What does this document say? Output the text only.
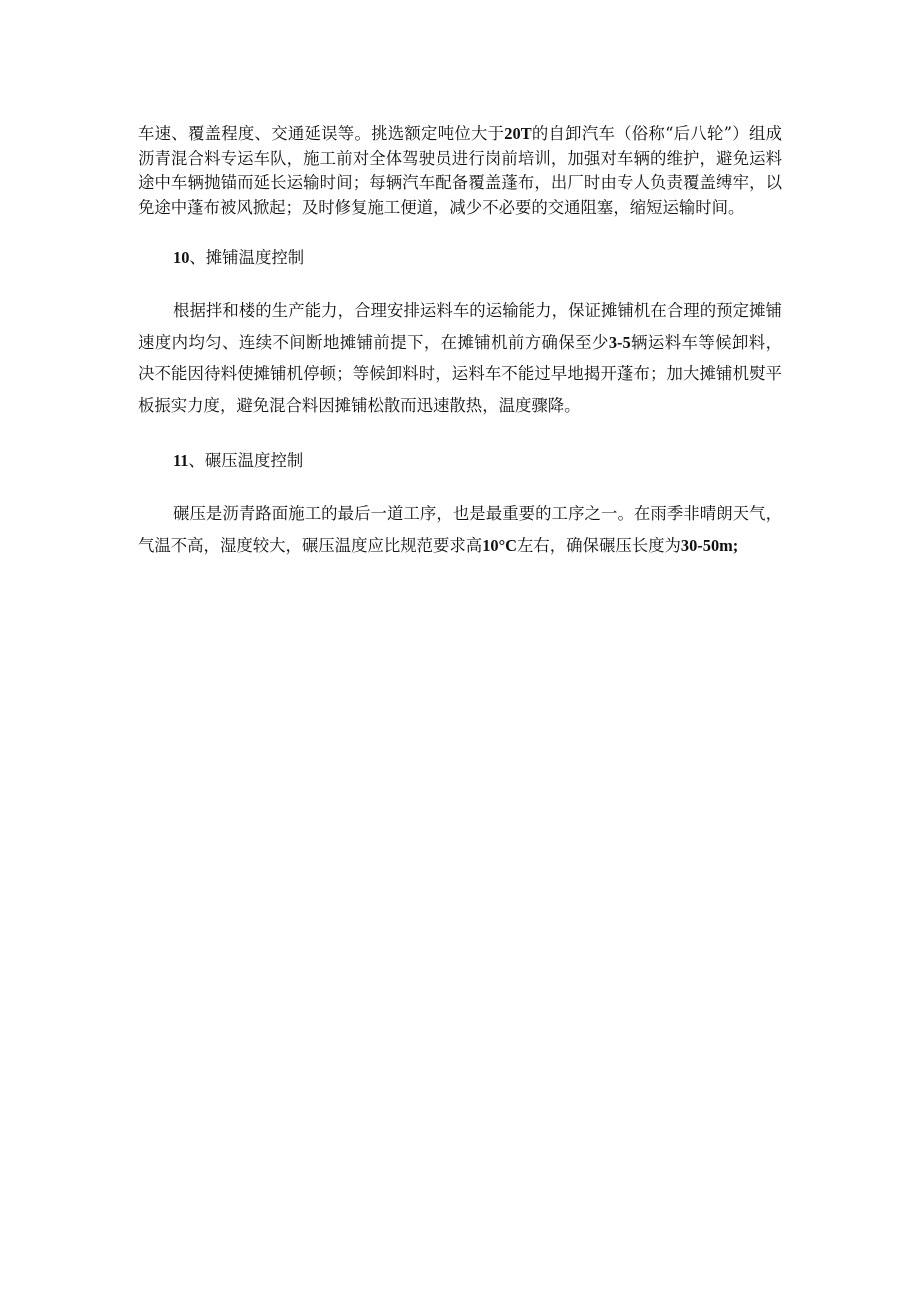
车速、覆盖程度、交通延误等。挑选额定吨位大于20T的自卸汽车（俗称“后八轮”）组成沥青混合料专运车队，施工前对全体驾驶员进行岗前培训，加强对车辆的维护，避免运料途中车辆抛锚而延长运输时间；每辆汽车配备覆盖蓬布，出厂时由专人负责覆盖缚牢，以免途中蓬布被风掀起；及时修复施工便道，减少不必要的交通阻塞，缩短运输时间。

10、摊铺温度控制

根据拌和楼的生产能力，合理安排运料车的运输能力，保证摊铺机在合理的预定摊铺速度内均匀、连续不间断地摊铺前提下，在摊铺机前方确保至少3-5辆运料车等候卸料，决不能因待料使摊铺机停顿；等候卸料时，运料车不能过早地揭开蓬布；加大摊铺机熨平板振实力度，避免混合料因摊铺松散而迅速散热，温度骤降。

11、碾压温度控制

碾压是沥青路面施工的最后一道工序，也是最重要的工序之一。在雨季非晴朗天气，气温不高，湿度较大，碾压温度应比规范要求高10°C左右，确保碾压长度为30-50m;
